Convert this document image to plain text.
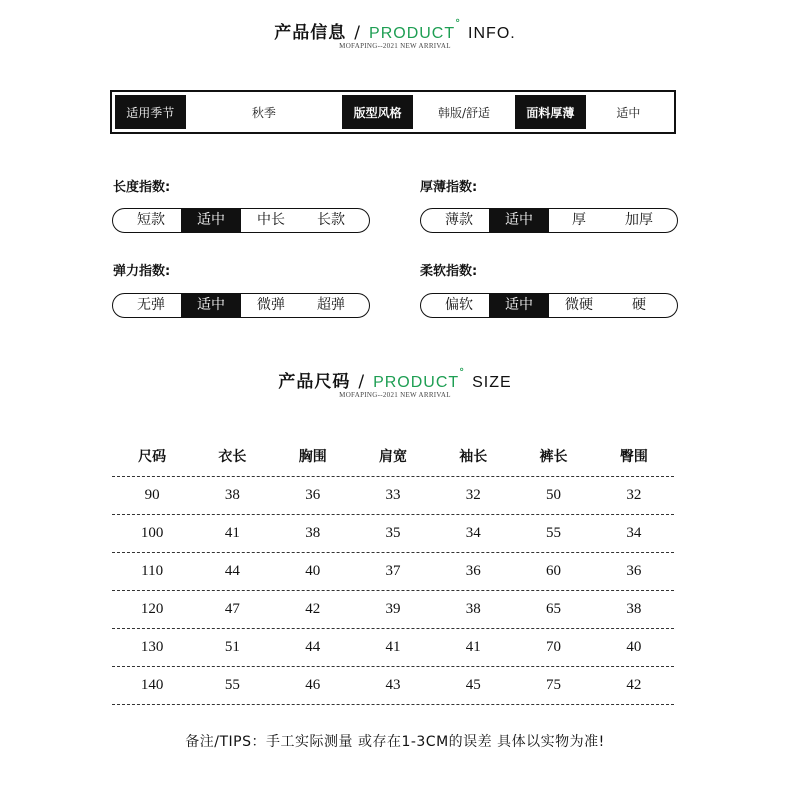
产品信息 / PRODUCT° INFO.
MOFAPING--2021 NEW ARRIVAL
适用季节	秋季	版型风格	韩版/舒适	面料厚薄	适中
长度指数:
短款	适中	中长	长款
厚薄指数:
薄款	适中	厚	加厚
弹力指数:
无弹	适中	微弹	超弹
柔软指数:
偏软	适中	微硬	硬
产品尺码 / PRODUCT° SIZE
MOFAPING--2021 NEW ARRIVAL
尺码	衣长	胸围	肩宽	袖长	裤长	臀围
90	38	36	33	32	50	32
100	41	38	35	34	55	34
110	44	40	37	36	60	36
120	47	42	39	38	65	38
130	51	44	41	41	70	40
140	55	46	43	45	75	42
备注/TIPS：手工实际测量 或存在1-3CM的误差 具体以实物为准!
